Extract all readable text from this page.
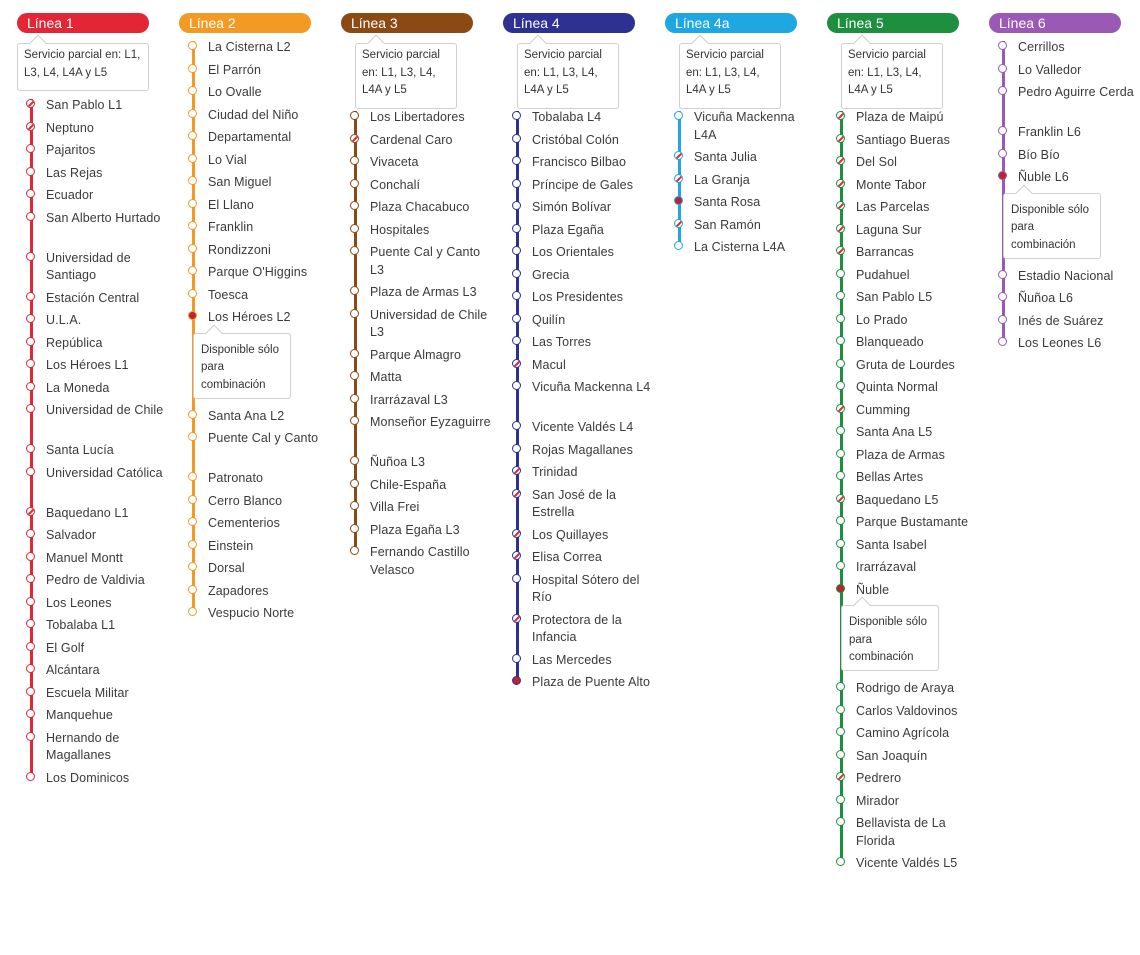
Línea 1
Servicio parcial en: L1, L3, L4, L4A y L5
San Pablo L1
Neptuno
Pajaritos
Las Rejas
Ecuador
San Alberto Hurtado
Universidad de Santiago
Estación Central
U.L.A.
República
Los Héroes L1
La Moneda
Universidad de Chile
Santa Lucía
Universidad Católica
Baquedano L1
Salvador
Manuel Montt
Pedro de Valdivia
Los Leones
Tobalaba L1
El Golf
Alcántara
Escuela Militar
Manquehue
Hernando de Magallanes
Los Dominicos
Línea 2
La Cisterna L2
El Parrón
Lo Ovalle
Ciudad del Niño
Departamental
Lo Vial
San Miguel
El Llano
Franklin
Rondizzoni
Parque O'Higgins
Toesca
Los Héroes L2
Disponible sólo para combinación
Santa Ana L2
Puente Cal y Canto
Patronato
Cerro Blanco
Cementerios
Einstein
Dorsal
Zapadores
Vespucio Norte
Línea 3
Servicio parcial en: L1, L3, L4, L4A y L5
Los Libertadores
Cardenal Caro
Vivaceta
Conchalí
Plaza Chacabuco
Hospitales
Puente Cal y Canto L3
Plaza de Armas L3
Universidad de Chile L3
Parque Almagro
Matta
Irarrázaval L3
Monseñor Eyzaguirre
Ñuñoa L3
Chile-España
Villa Frei
Plaza Egaña L3
Fernando Castillo Velasco
Línea 4
Servicio parcial en: L1, L3, L4, L4A y L5
Tobalaba L4
Cristóbal Colón
Francisco Bilbao
Príncipe de Gales
Simón Bolívar
Plaza Egaña
Los Orientales
Grecia
Los Presidentes
Quilín
Las Torres
Macul
Vicuña Mackenna L4
Vicente Valdés L4
Rojas Magallanes
Trinidad
San José de la Estrella
Los Quillayes
Elisa Correa
Hospital Sótero del Río
Protectora de la Infancia
Las Mercedes
Plaza de Puente Alto
Línea 4a
Servicio parcial en: L1, L3, L4, L4A y L5
Vicuña Mackenna L4A
Santa Julia
La Granja
Santa Rosa
San Ramón
La Cisterna L4A
Línea 5
Servicio parcial en: L1, L3, L4, L4A y L5
Plaza de Maipú
Santiago Bueras
Del Sol
Monte Tabor
Las Parcelas
Laguna Sur
Barrancas
Pudahuel
San Pablo L5
Lo Prado
Blanqueado
Gruta de Lourdes
Quinta Normal
Cumming
Santa Ana L5
Plaza de Armas
Bellas Artes
Baquedano L5
Parque Bustamante
Santa Isabel
Irarrázaval
Ñuble
Disponible sólo para combinación
Rodrigo de Araya
Carlos Valdovinos
Camino Agrícola
San Joaquín
Pedrero
Mirador
Bellavista de La Florida
Vicente Valdés L5
Línea 6
Cerrillos
Lo Valledor
Pedro Aguirre Cerda
Franklin L6
Bío Bío
Ñuble L6
Disponible sólo para combinación
Estadio Nacional
Ñuñoa L6
Inés de Suárez
Los Leones L6
